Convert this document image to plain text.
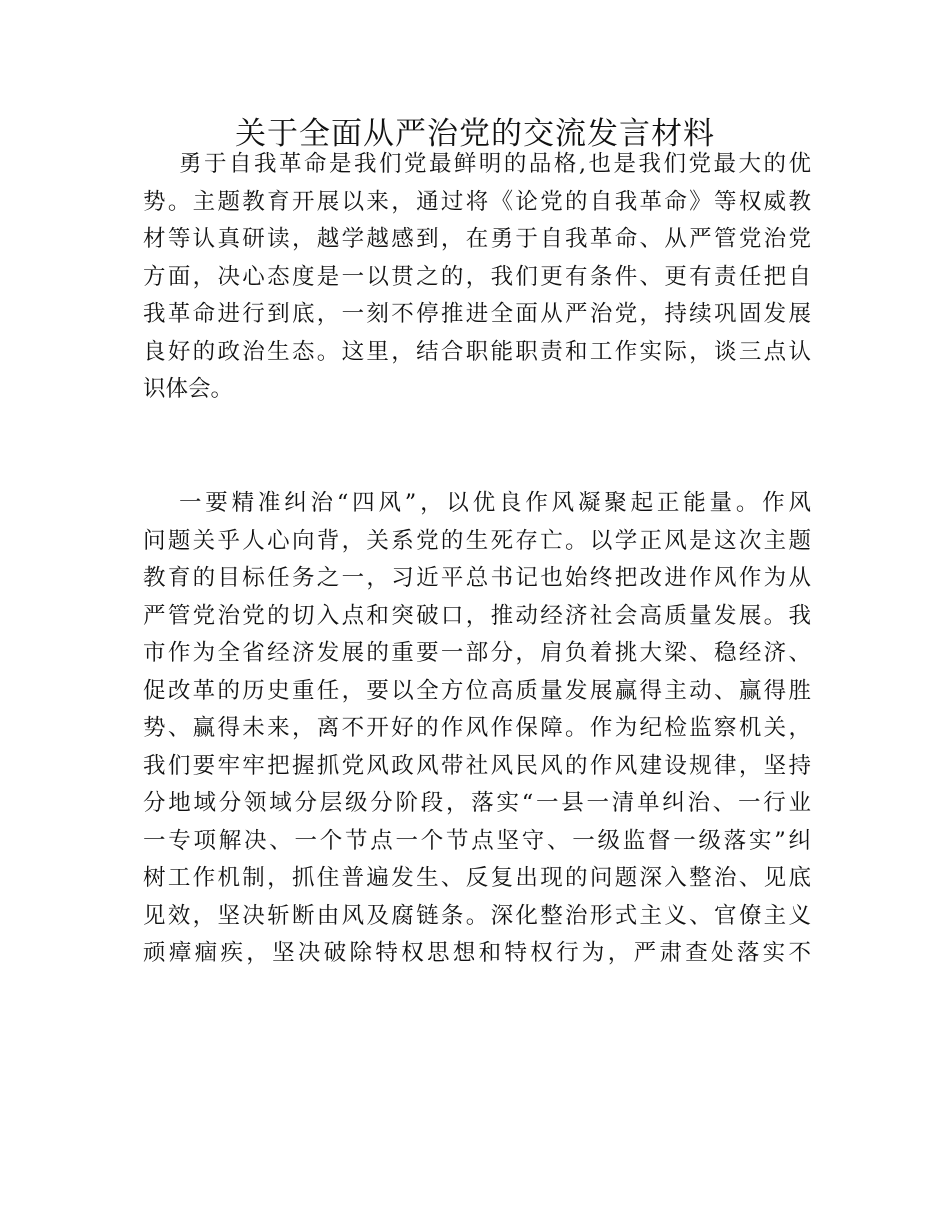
关于全面从严治党的交流发言材料
勇于自我革命是我们党最鲜明的品格,也是我们党最大的优
势。主题教育开展以来，通过将《论党的自我革命》等权威教
材等认真研读，越学越感到，在勇于自我革命、从严管党治党
方面，决心态度是一以贯之的，我们更有条件、更有责任把自
我革命进行到底，一刻不停推进全面从严治党，持续巩固发展
良好的政治生态。这里，结合职能职责和工作实际，谈三点认
识体会。
一要精准纠治“四风”，以优良作风凝聚起正能量。作风
问题关乎人心向背，关系党的生死存亡。以学正风是这次主题
教育的目标任务之一，习近平总书记也始终把改进作风作为从
严管党治党的切入点和突破口，推动经济社会高质量发展。我
市作为全省经济发展的重要一部分，肩负着挑大梁、稳经济、
促改革的历史重任，要以全方位高质量发展赢得主动、赢得胜
势、赢得未来，离不开好的作风作保障。作为纪检监察机关，
我们要牢牢把握抓党风政风带社风民风的作风建设规律，坚持
分地域分领域分层级分阶段，落实“一县一清单纠治、一行业
一专项解决、一个节点一个节点坚守、一级监督一级落实”纠
树工作机制，抓住普遍发生、反复出现的问题深入整治、见底
见效，坚决斩断由风及腐链条。深化整治形式主义、官僚主义
顽瘴痼疾，坚决破除特权思想和特权行为，严肃查处落实不
